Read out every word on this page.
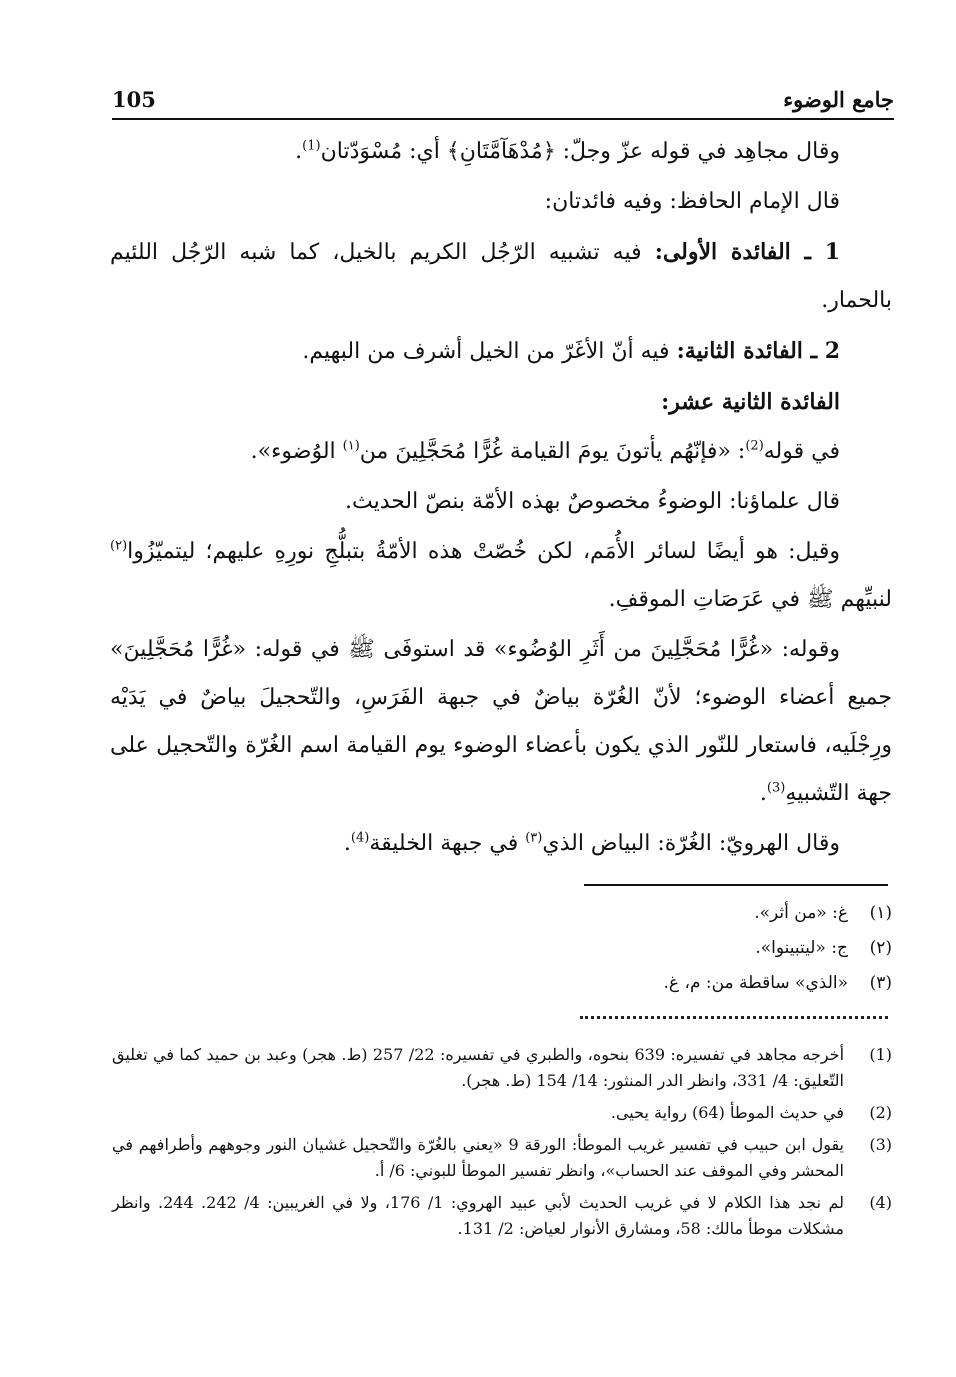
105	جامع الوضوء

وقال مجاهِد في قوله عزّ وجلّ: ﴿مُدْهَآمَّتَانِ﴾ أي: مُسْوَدّتان$^{(1)}$.

قال الإمام الحافظ: وفيه فائدتان:

1 ـ الفائدة الأولى: فيه تشبيه الرّجُل الكريم بالخيل، كما شبه الرّجُل اللئيم بالحمار.

2 ـ الفائدة الثانية: فيه أنّ الأغَرّ من الخيل أشرف من البهيم.

الفائدة الثانية عشر:

في قوله$^{(2)}$: «فإنّهُم يأتونَ يومَ القيامة غُرًّا مُحَجَّلِينَ من$^{(١)}$ الوُضوء».

قال علماؤنا: الوضوءُ مخصوصٌ بهذه الأمّة بنصّ الحديث.

وقيل: هو أيضًا لسائر الأُمَم، لكن خُصّتْ هذه الأمّةُ بتبلُّجِ نورِهِ عليهم؛ ليتميّزُوا$^{(٢)}$ لنبيِّهم ﷺ في عَرَصَاتِ الموقفِ.

وقوله: «غُرًّا مُحَجَّلِينَ من أَثَرِ الوُضُوء» قد استوفَى ﷺ في قوله: «غُرًّا مُحَجَّلِينَ» جميع أعضاء الوضوء؛ لأنّ الغُرّة بياضٌ في جبهة الفَرَسِ، والتّحجيلَ بياضٌ في يَدَيْه ورِجْلَيه، فاستعار للنّور الذي يكون بأعضاء الوضوء يوم القيامة اسم الغُرّة والتّحجيل على جهة التّشبيهِ$^{(3)}$.

وقال الهرويّ: الغُرّة: البياض الذي$^{(٣)}$ في جبهة الخليقة$^{(4)}$.

(١)
غ: «من أثر».
(٢)
ج: «ليتبينوا».
(٣)
«الذي» ساقطة من: م، غ.
(1)
أخرجه مجاهد في تفسيره: 639 بنحوه، والطبري في تفسيره: 22/ 257 (ط. هجر) وعبد بن حميد كما في تغليق التّعليق: 4/ 331، وانظر الدر المنثور: 14/ 154 (ط. هجر).
(2)
في حديث الموطأ (64) رواية يحيى.
(3)
يقول ابن حبيب في تفسير غريب الموطأ: الورقة 9 «يعني بالغُرّة والتّحجيل غشيان النور وجوههم وأطرافهم في المحشر وفي الموقف عند الحساب»، وانظر تفسير الموطأ للبوني: 6/ أ.
(4)
لم نجد هذا الكلام لا في غريب الحديث لأبي عبيد الهروي: 1/ 176، ولا في الغريبين: 4/ 242. 244. وانظر مشكلات موطأ مالك: 58، ومشارق الأنوار لعياض: 2/ 131.
